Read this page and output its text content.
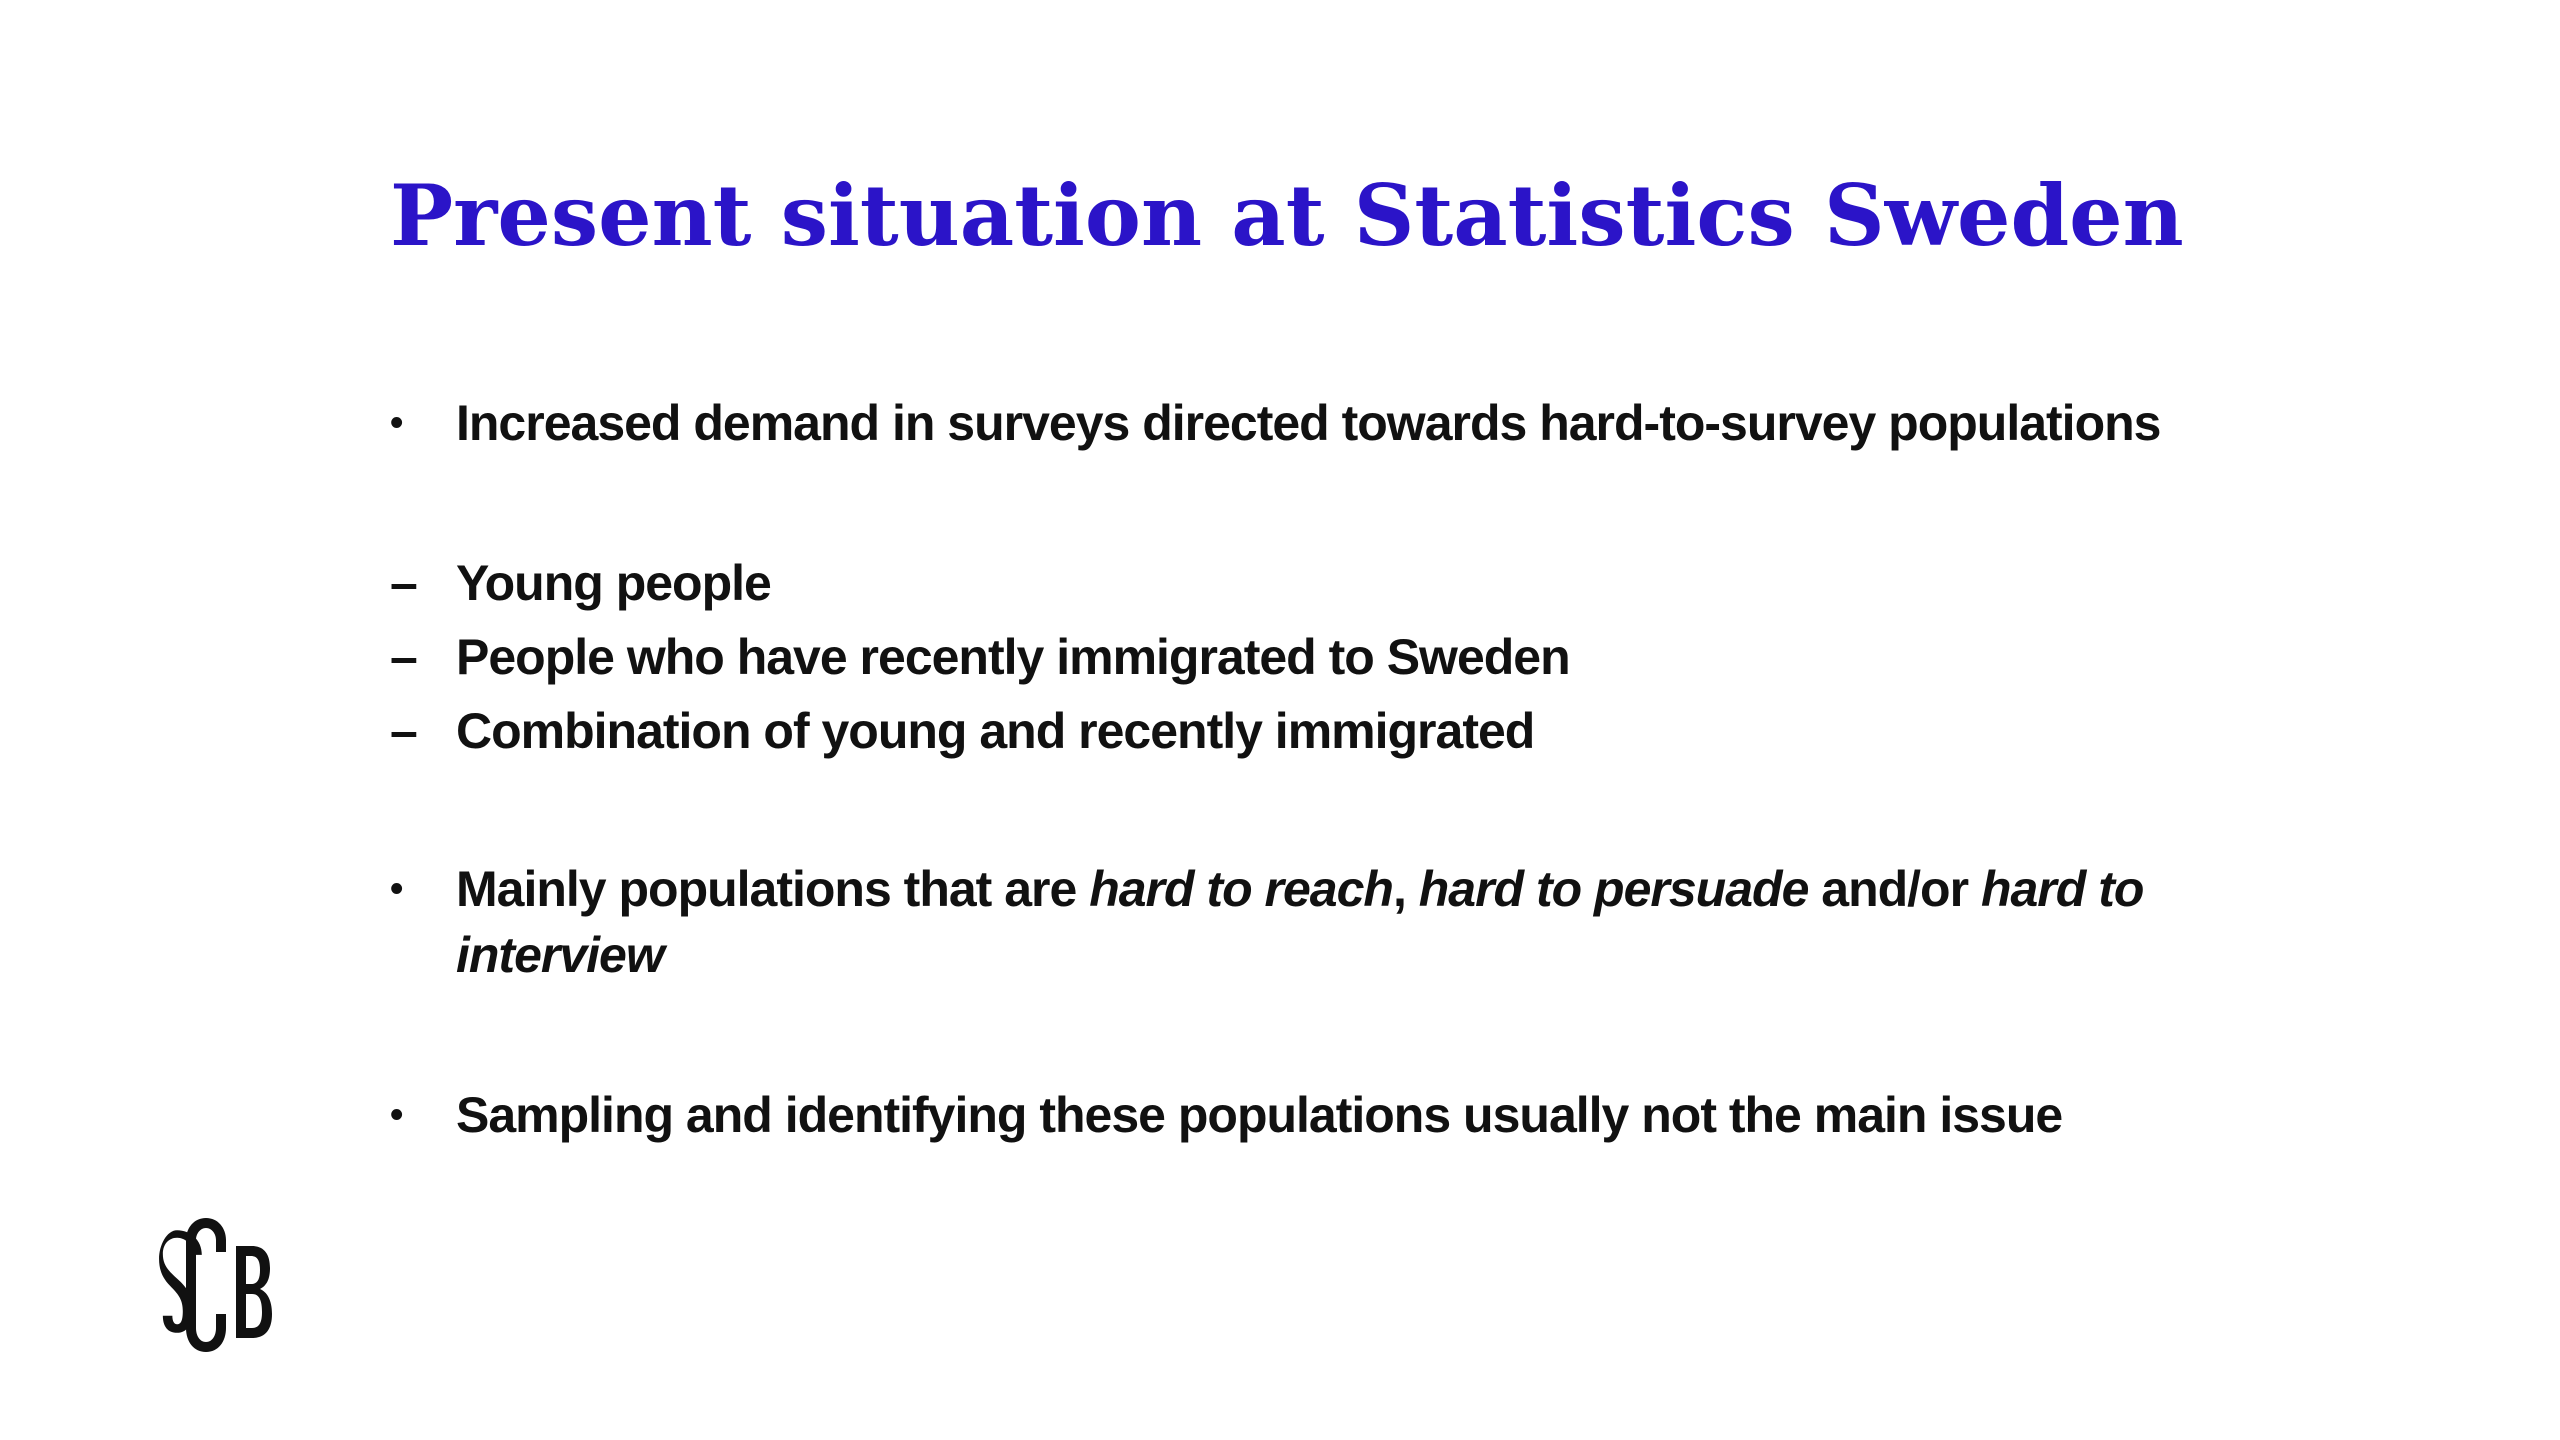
Present situation at Statistics Sweden
•	Increased demand in surveys directed towards hard-to-survey populations
– Young people
– People who have recently immigrated to Sweden
– Combination of young and recently immigrated
•	Mainly populations that are hard to reach, hard to persuade and/or hard to interview
•	Sampling and identifying these populations usually not the main issue
